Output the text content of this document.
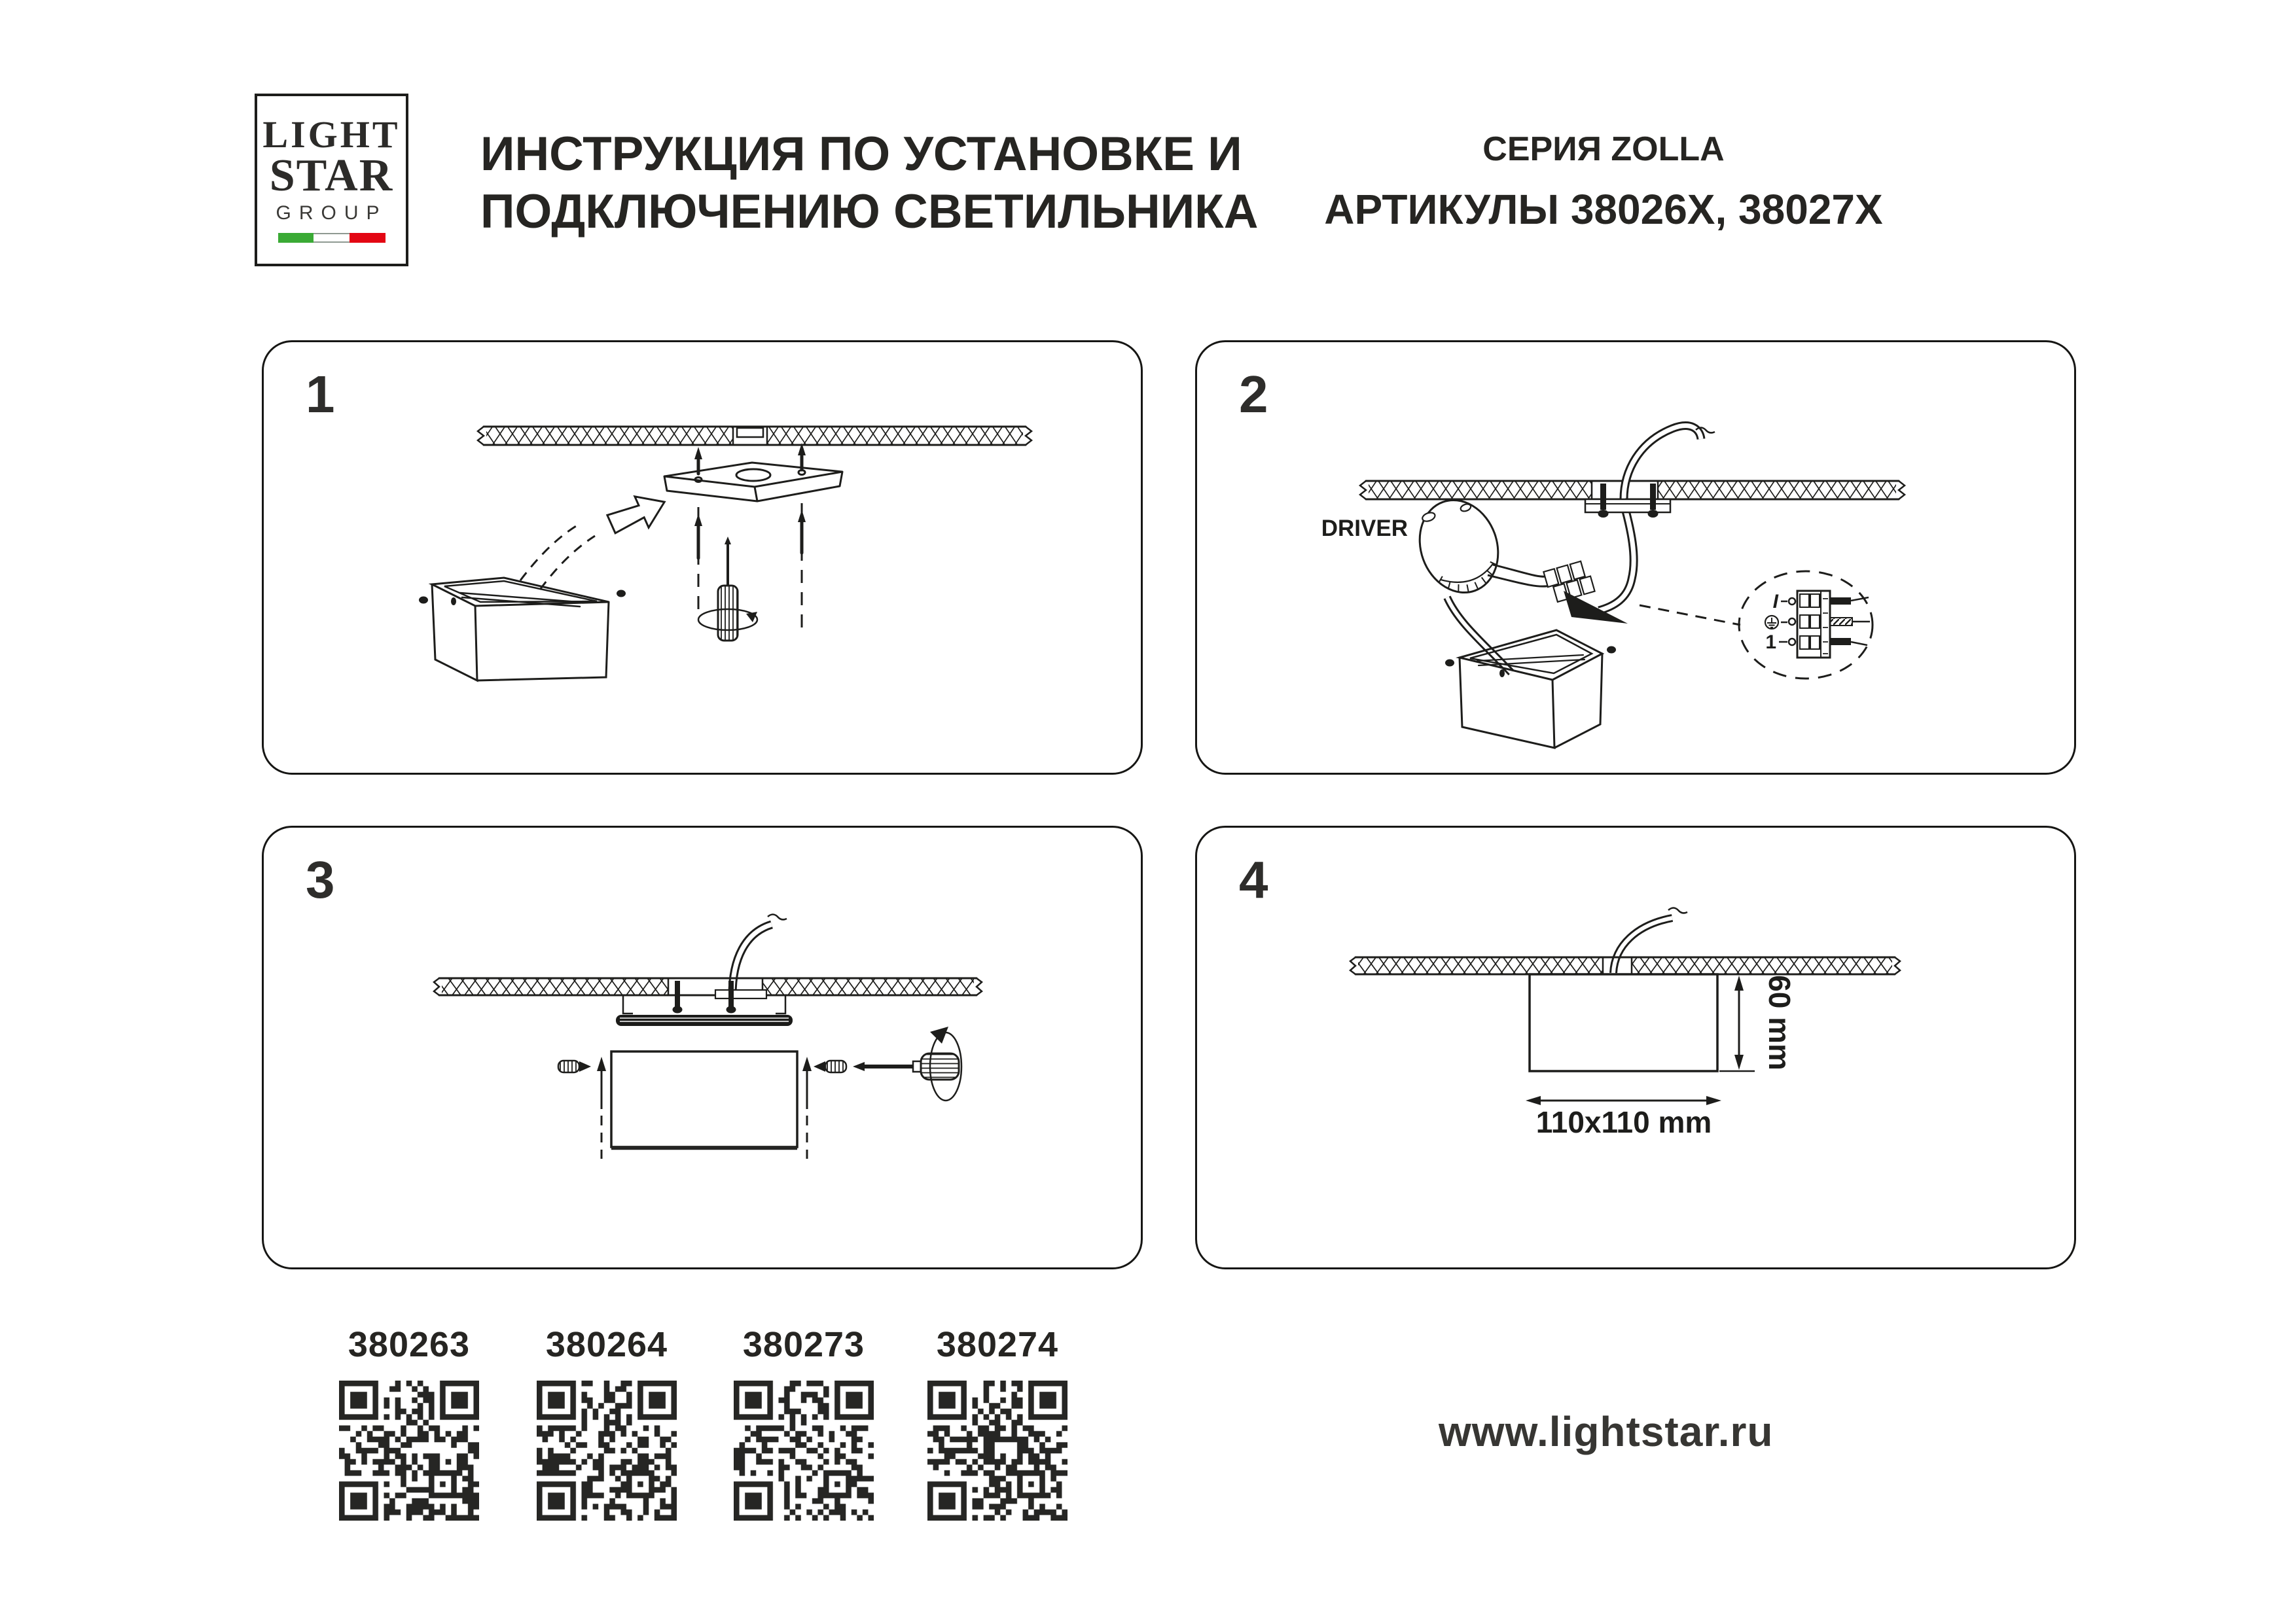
LIGHT
STAR
GROUP
ИНСТРУКЦИЯ ПО УСТАНОВКЕ И
ПОДКЛЮЧЕНИЮ СВЕТИЛЬНИКА
СЕРИЯ ZOLLA
АРТИКУЛЫ 38026X, 38027X
1	2
DRIVER
I
1
3	4
60 mm
110x110 mm
380263	380264	380273	380274
www.lightstar.ru
